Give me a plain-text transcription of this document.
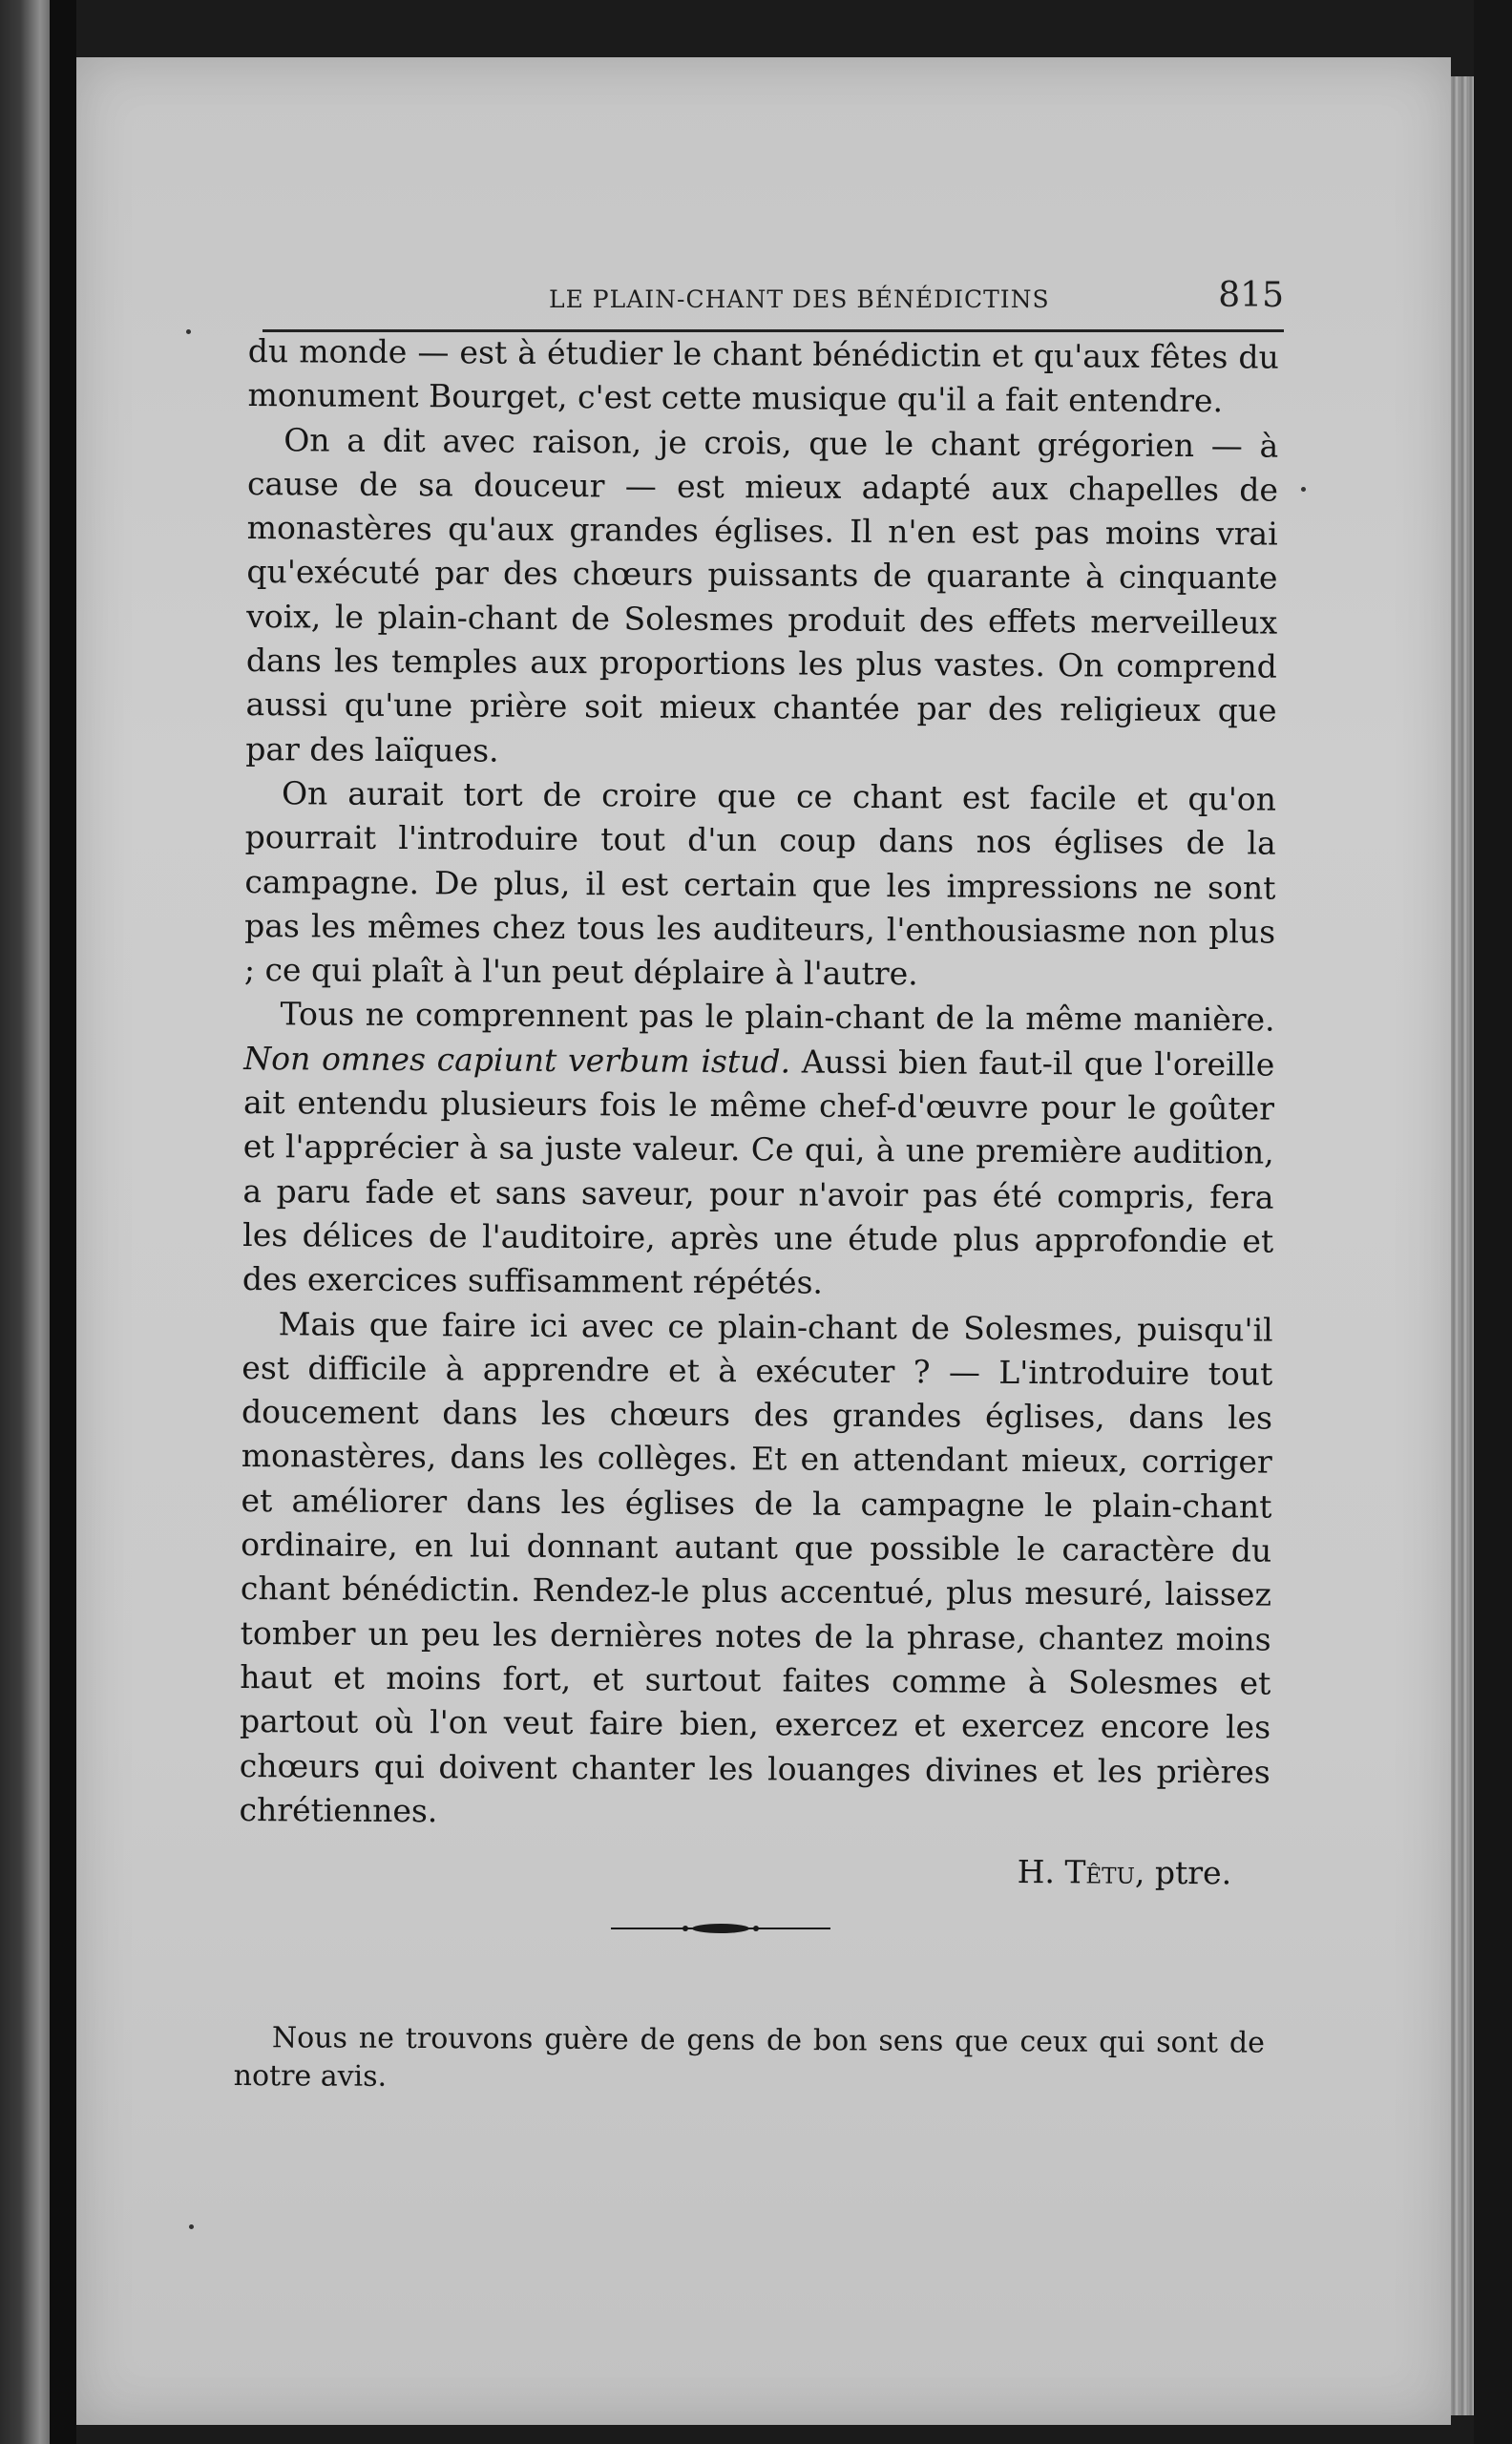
LE PLAIN-CHANT DES BÉNÉDICTINS	815

du monde — est à étudier le chant bénédictin et qu'aux fêtes du monument Bourget, c'est cette musique qu'il a fait entendre.

On a dit avec raison, je crois, que le chant grégorien — à cause de sa douceur — est mieux adapté aux chapelles de monastères qu'aux grandes églises. Il n'en est pas moins vrai qu'exécuté par des chœurs puissants de quarante à cinquante voix, le plain-chant de Solesmes produit des effets merveilleux dans les temples aux proportions les plus vastes. On comprend aussi qu'une prière soit mieux chantée par des religieux que par des laïques.

On aurait tort de croire que ce chant est facile et qu'on pourrait l'introduire tout d'un coup dans nos églises de la campagne. De plus, il est certain que les impressions ne sont pas les mêmes chez tous les auditeurs, l'enthousiasme non plus ; ce qui plaît à l'un peut déplaire à l'autre.

Tous ne comprennent pas le plain-chant de la même manière. Non omnes capiunt verbum istud. Aussi bien faut-il que l'oreille ait entendu plusieurs fois le même chef-d'œuvre pour le goûter et l'apprécier à sa juste valeur. Ce qui, à une première audition, a paru fade et sans saveur, pour n'avoir pas été compris, fera les délices de l'auditoire, après une étude plus approfondie et des exercices suffisamment répétés.

Mais que faire ici avec ce plain-chant de Solesmes, puisqu'il est difficile à apprendre et à exécuter ? — L'introduire tout doucement dans les chœurs des grandes églises, dans les monastères, dans les collèges. Et en attendant mieux, corriger et améliorer dans les églises de la campagne le plain-chant ordinaire, en lui donnant autant que possible le caractère du chant bénédictin. Rendez-le plus accentué, plus mesuré, laissez tomber un peu les dernières notes de la phrase, chantez moins haut et moins fort, et surtout faites comme à Solesmes et partout où l'on veut faire bien, exercez et exercez encore les chœurs qui doivent chanter les louanges divines et les prières chrétiennes.

H. Têtu, ptre.

Nous ne trouvons guère de gens de bon sens que ceux qui sont de notre avis.
